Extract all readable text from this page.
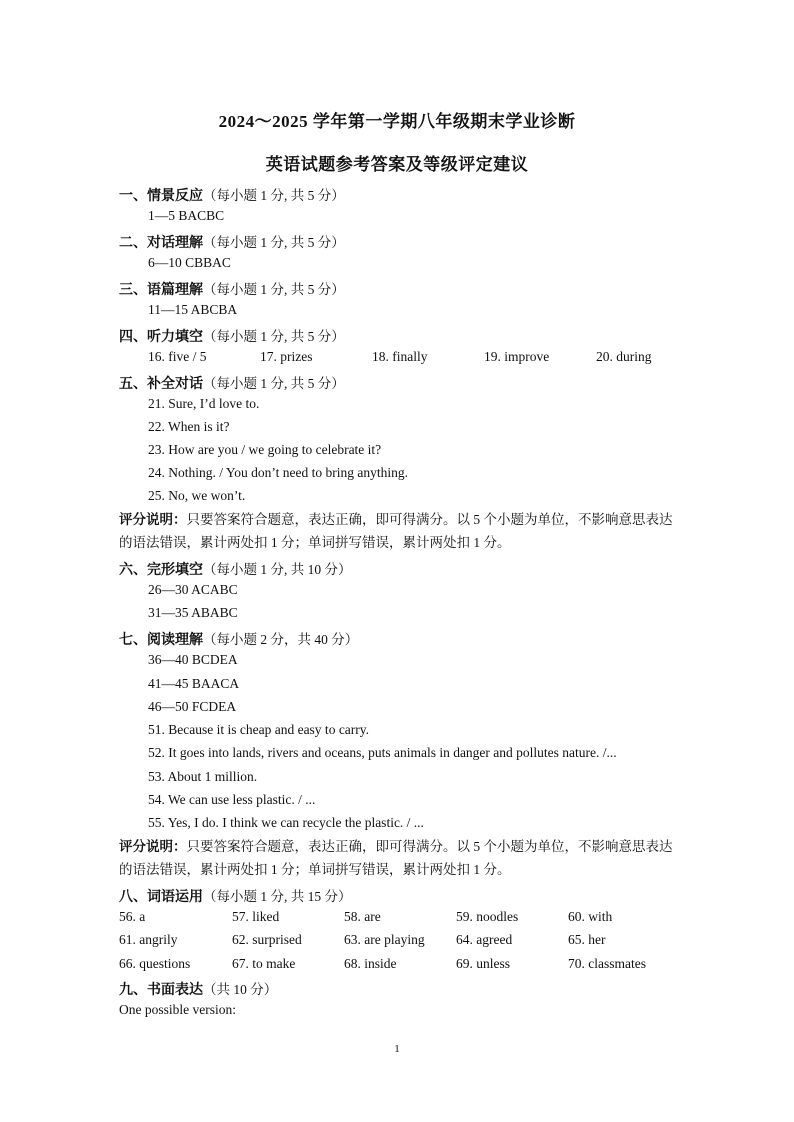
2024～2025 学年第一学期八年级期末学业诊断
英语试题参考答案及等级评定建议
一、情景反应（每小题 1 分, 共 5 分）
1—5 BACBC
二、对话理解（每小题 1 分, 共 5 分）
6—10 CBBAC
三、语篇理解（每小题 1 分, 共 5 分）
11—15 ABCBA
四、听力填空（每小题 1 分, 共 5 分）
16. five / 5	17. prizes	18. finally	19. improve	20. during
五、补全对话（每小题 1 分, 共 5 分）
21. Sure, I’d love to.
22. When is it?
23. How are you / we going to celebrate it?
24. Nothing. / You don’t need to bring anything.
25. No, we won’t.
评分说明：只要答案符合题意，表达正确，即可得满分。以 5 个小题为单位，不影响意思表达的语法错误，累计两处扣 1 分；单词拼写错误，累计两处扣 1 分。
六、完形填空（每小题 1 分, 共 10 分）
26—30 ACABC
31—35 ABABC
七、阅读理解（每小题 2 分，共 40 分）
36—40 BCDEA
41—45 BAACA
46—50 FCDEA
51. Because it is cheap and easy to carry.
52. It goes into lands, rivers and oceans, puts animals in danger and pollutes nature. /...
53. About 1 million.
54. We can use less plastic. / ...
55. Yes, I do. I think we can recycle the plastic. / ...
评分说明：只要答案符合题意，表达正确，即可得满分。以 5 个小题为单位，不影响意思表达的语法错误，累计两处扣 1 分；单词拼写错误，累计两处扣 1 分。
八、词语运用（每小题 1 分, 共 15 分）
56. a	57. liked	58. are	59. noodles	60. with
61. angrily	62. surprised	63. are playing 64. agreed	65. her
66. questions	67. to make	68. inside	69. unless	70. classmates
九、书面表达（共 10 分）
One possible version:
1
